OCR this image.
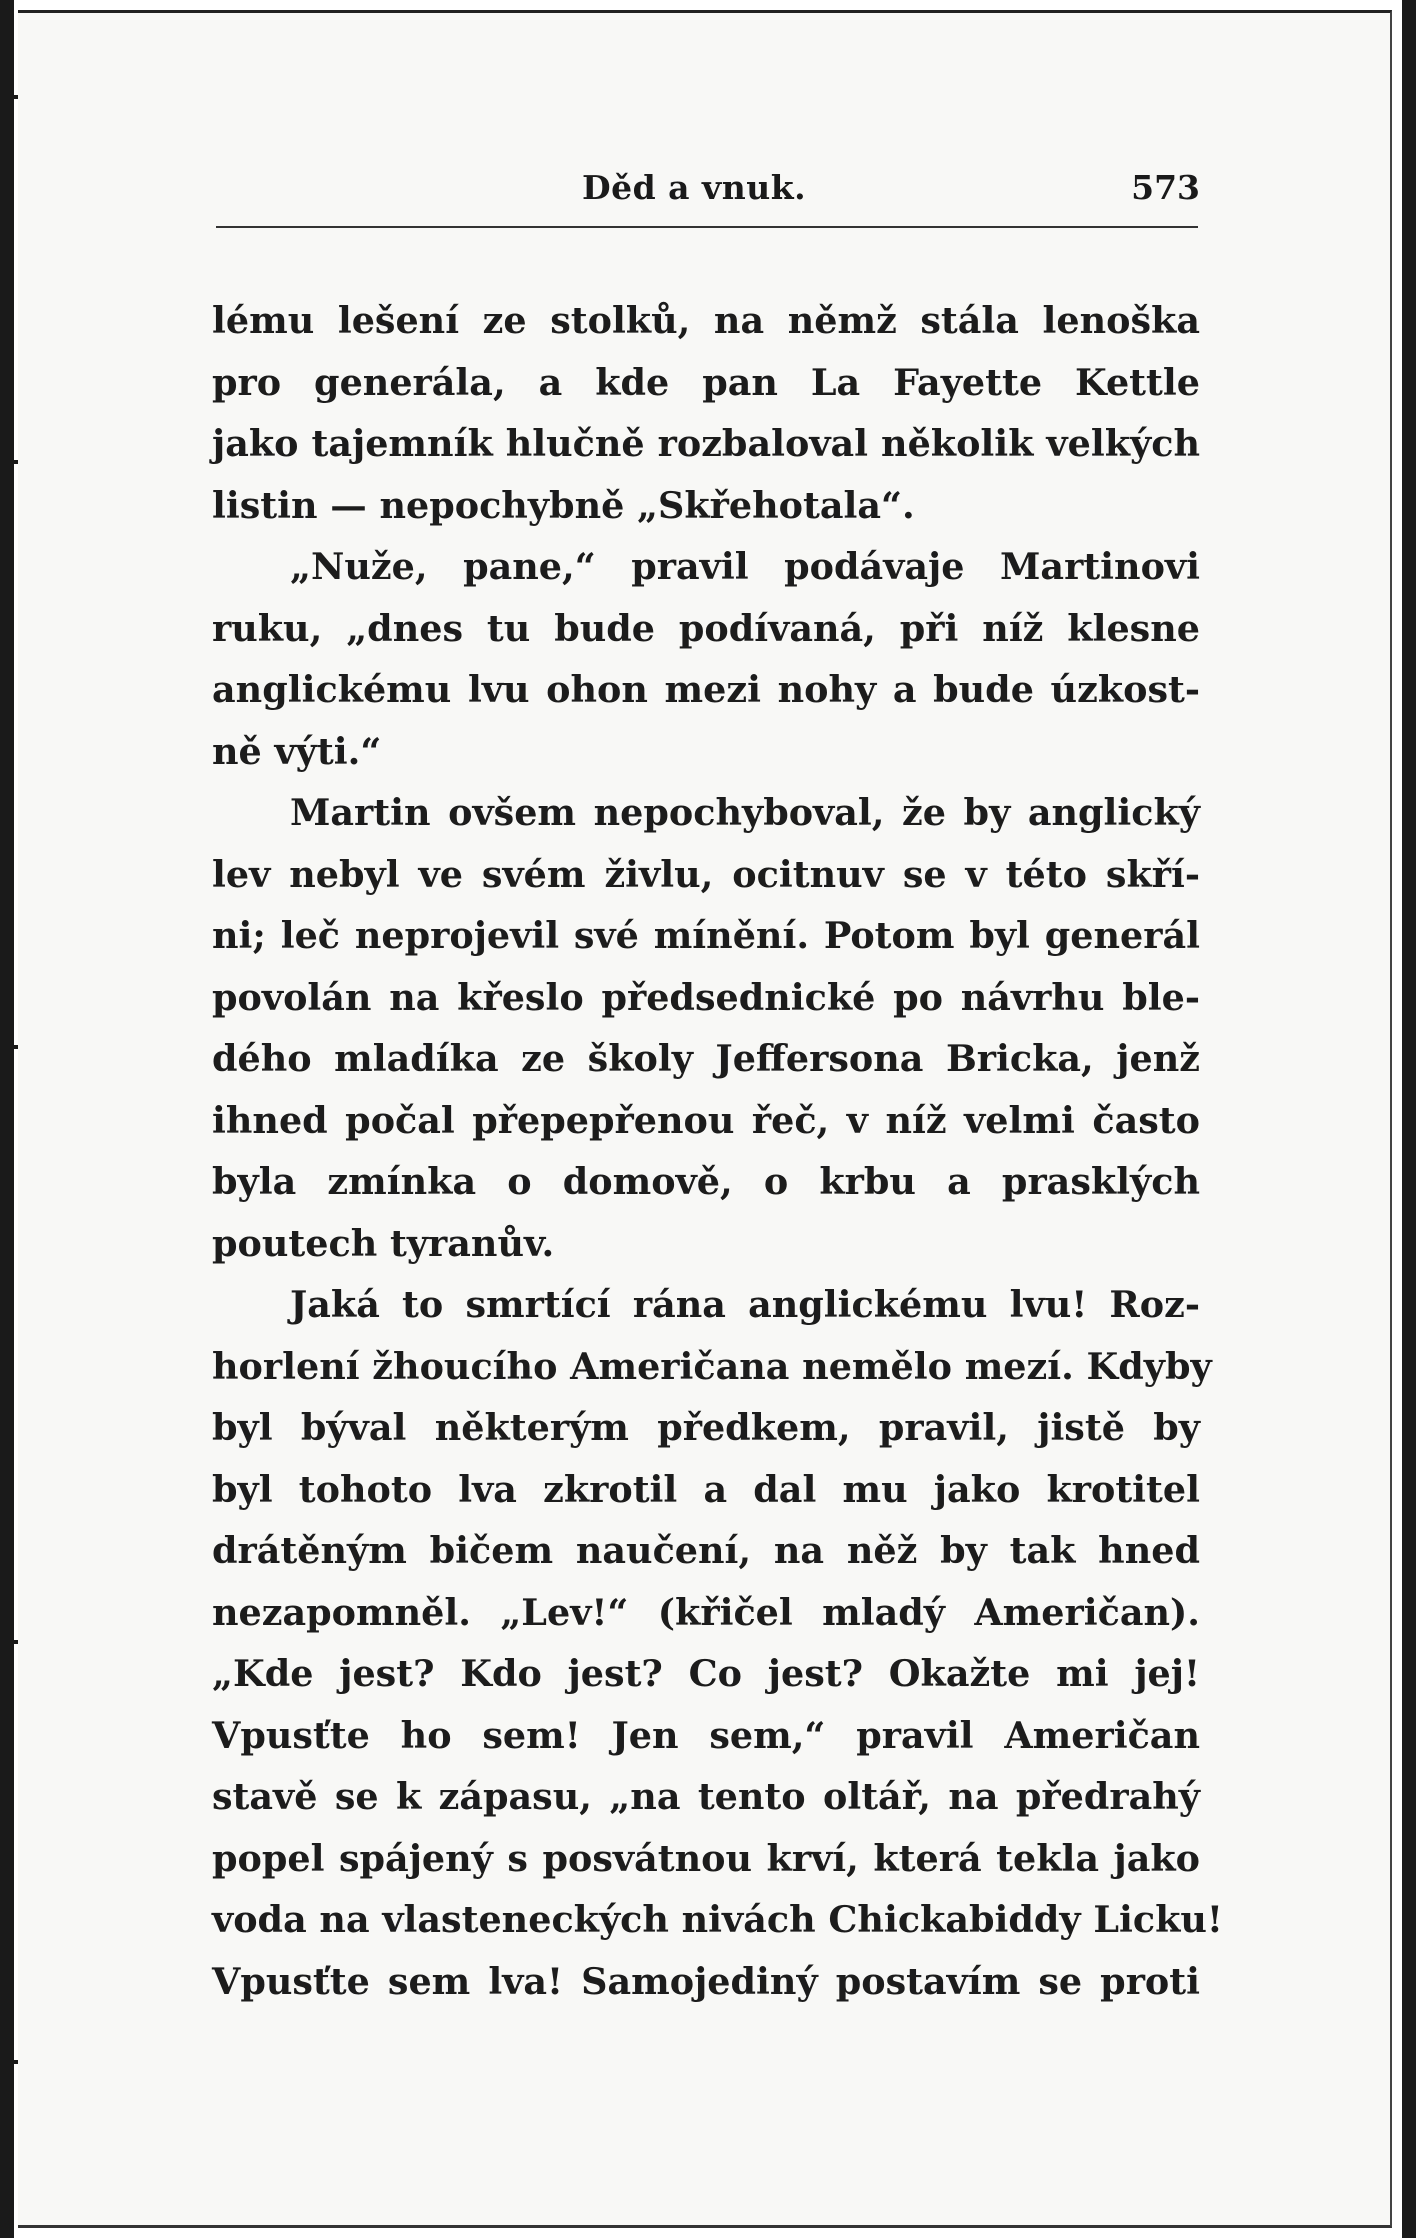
Děd a vnuk.	573
lému lešení ze stolků, na němž stála lenoška
pro generála, a kde pan La Fayette Kettle
jako tajemník hlučně rozbaloval několik velkých
listin — nepochybně „Skřehotala“.
„Nuže, pane,“ pravil podávaje Martinovi
ruku, „dnes tu bude podívaná, při níž klesne
anglickému lvu ohon mezi nohy a bude úzkost-
ně výti.“
Martin ovšem nepochyboval, že by anglický
lev nebyl ve svém živlu, ocitnuv se v této skří-
ni; leč neprojevil své mínění. Potom byl generál
povolán na křeslo předsednické po návrhu ble-
dého mladíka ze školy Jeffersona Bricka, jenž
ihned počal přepepřenou řeč, v níž velmi často
byla zmínka o domově, o krbu a prasklých
poutech tyranův.
Jaká to smrtící rána anglickému lvu! Roz-
horlení žhoucího Američana nemělo mezí. Kdyby
byl býval některým předkem, pravil, jistě by
byl tohoto lva zkrotil a dal mu jako krotitel
drátěným bičem naučení, na něž by tak hned
nezapomněl. „Lev!“ (křičel mladý Američan).
„Kde jest? Kdo jest? Co jest? Okažte mi jej!
Vpusťte ho sem! Jen sem,“ pravil Američan
stavě se k zápasu, „na tento oltář, na předrahý
popel spájený s posvátnou krví, která tekla jako
voda na vlasteneckých nivách Chickabiddy Licku!
Vpusťte sem lva! Samojediný postavím se proti
